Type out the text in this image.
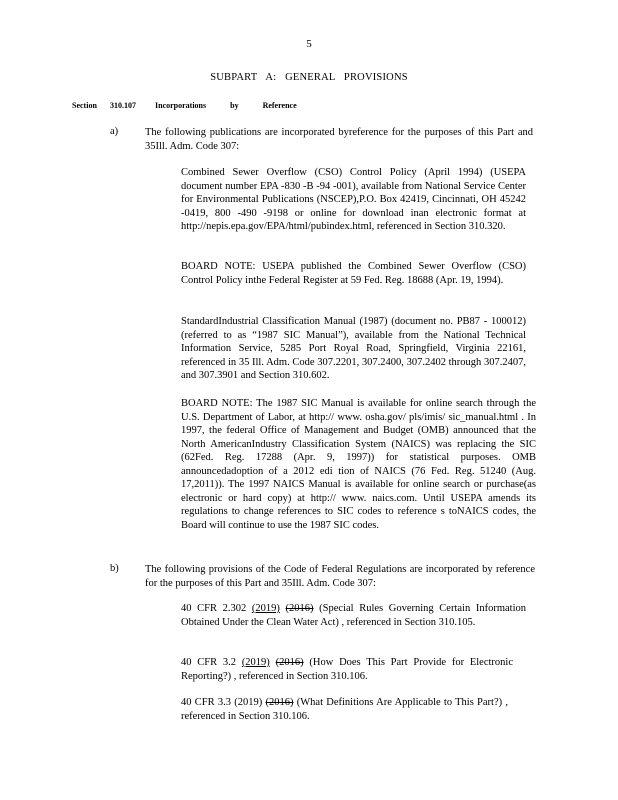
5
SUBPART A: GENERAL PROVISIONS
Section 310.107 Incorporations by Reference
a)	The following publications are incorporated byreference for the purposes of this Part and 35Ill. Adm. Code 307:
Combined Sewer Overflow (CSO) Control Policy (April 1994) (USEPA document number EPA -830 -B -94 -001), available from National Service Center for Environmental Publications (NSCEP),P.O. Box 42419, Cincinnati, OH 45242 -0419, 800 -490 -9198 or online for download inan electronic format at http://nepis.epa.gov/EPA/html/pubindex.html, referenced in Section 310.320.
BOARD NOTE: USEPA published the Combined Sewer Overflow (CSO) Control Policy inthe Federal Register at 59 Fed. Reg. 18688 (Apr. 19, 1994).
StandardIndustrial Classification Manual (1987) (document no. PB87 - 100012) (referred to as “1987 SIC Manual”), available from the National Technical Information Service, 5285 Port Royal Road, Springfield, Virginia 22161, referenced in 35 Ill. Adm. Code 307.2201, 307.2400, 307.2402 through 307.2407, and 307.3901 and Section 310.602.
BOARD NOTE: The 1987 SIC Manual is available for online search through the U.S. Department of Labor, at http:// www. osha.gov/ pls/imis/ sic_manual.html . In 1997, the federal Office of Management and Budget (OMB) announced that the North AmericanIndustry Classification System (NAICS) was replacing the SIC (62Fed. Reg. 17288 (Apr. 9, 1997)) for statistical purposes. OMB announcedadoption of a 2012 edi tion of NAICS (76 Fed. Reg. 51240 (Aug. 17,2011)). The 1997 NAICS Manual is available for online search or purchase(as electronic or hard copy) at http:// www. naics.com. Until USEPA amends its regulations to change references to SIC codes to reference s toNAICS codes, the Board will continue to use the 1987 SIC codes.
b)	The following provisions of the Code of Federal Regulations are incorporated by reference for the purposes of this Part and 35Ill. Adm. Code 307:
40 CFR 2.302 (2019) (2016) (Special Rules Governing Certain Information Obtained Under the Clean Water Act) , referenced in Section 310.105.
40 CFR 3.2 (2019) (2016) (How Does This Part Provide for Electronic Reporting?) , referenced in Section 310.106.
40 CFR 3.3 (2019) (2016) (What Definitions Are Applicable to This Part?) , referenced in Section 310.106.
